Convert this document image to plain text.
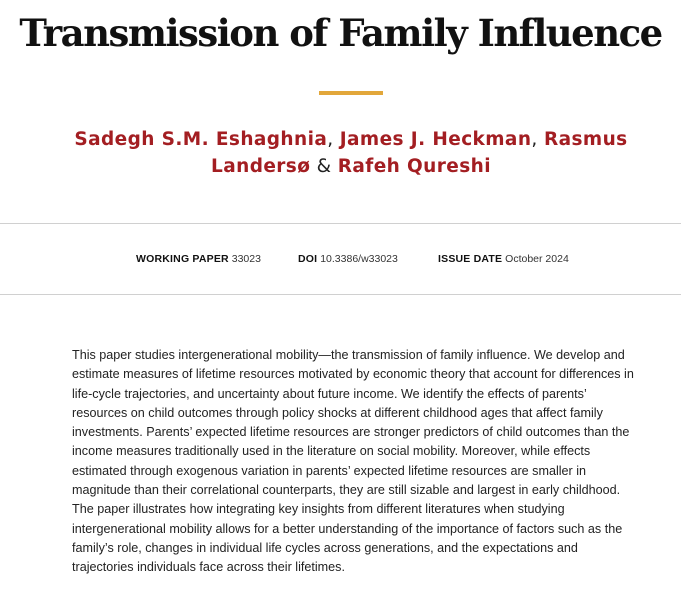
Transmission of Family Influence
Sadegh S.M. Eshaghnia, James J. Heckman, Rasmus Landersø & Rafeh Qureshi
WORKING PAPER 33023	DOI 10.3386/w33023	ISSUE DATE October 2024

This paper studies intergenerational mobility—the transmission of family influence. We develop and estimate measures of lifetime resources motivated by economic theory that account for differences in life-cycle trajectories, and uncertainty about future income. We identify the effects of parents’ resources on child outcomes through policy shocks at different childhood ages that affect family investments. Parents’ expected lifetime resources are stronger predictors of child outcomes than the income measures traditionally used in the literature on social mobility. Moreover, while effects estimated through exogenous variation in parents’ expected lifetime resources are smaller in magnitude than their correlational counterparts, they are still sizable and largest in early childhood. The paper illustrates how integrating key insights from different literatures when studying intergenerational mobility allows for a better understanding of the importance of factors such as the family’s role, changes in individual life cycles across generations, and the expectations and trajectories individuals face across their lifetimes.
